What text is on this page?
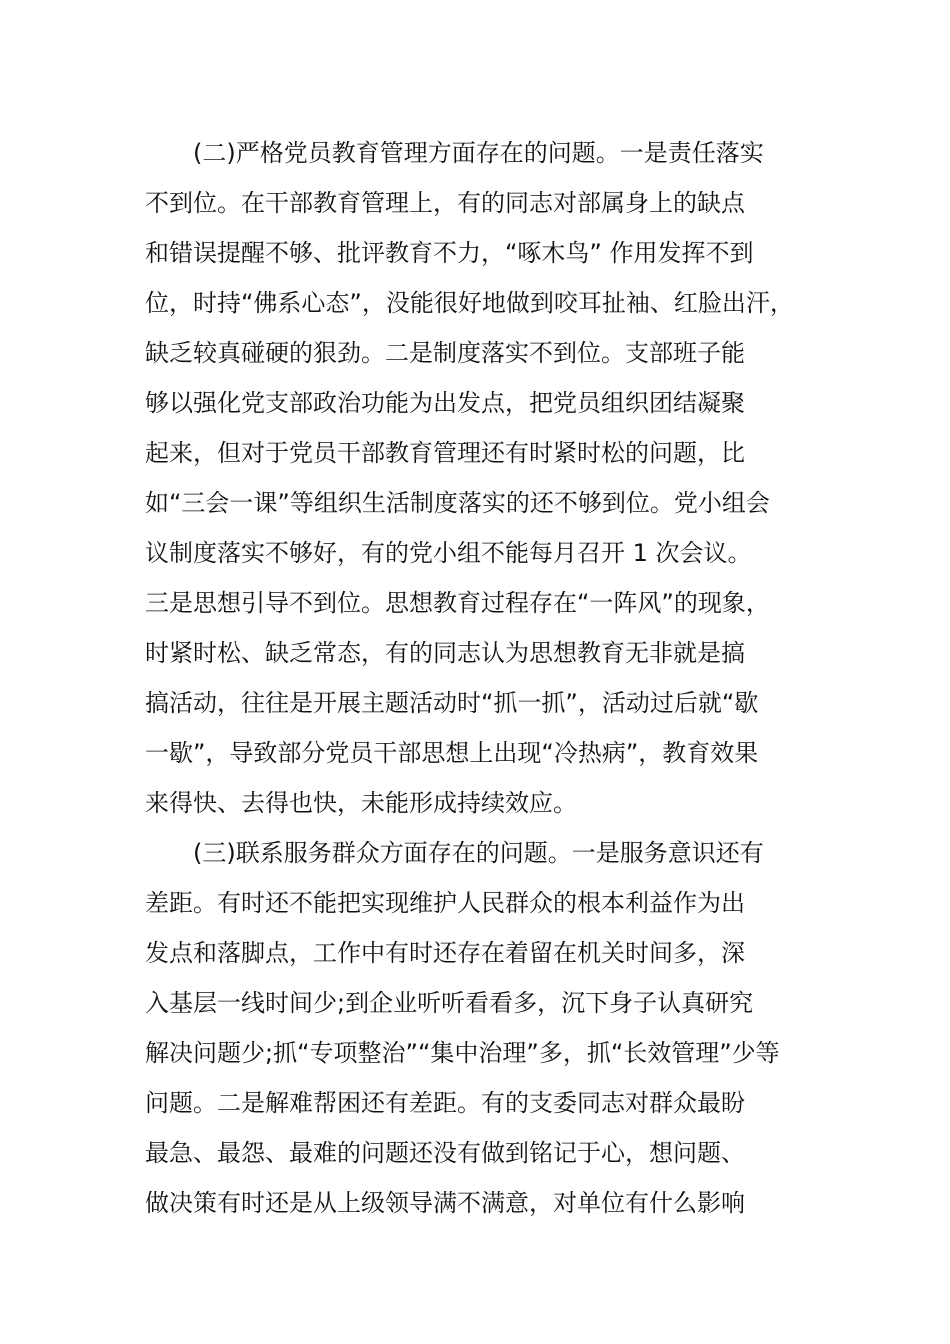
(二)严格党员教育管理方面存在的问题。一是责任落实
不到位。在干部教育管理上，有的同志对部属身上的缺点
和错误提醒不够、批评教育不力，“啄木鸟” 作用发挥不到
位，时持“佛系心态”，没能很好地做到咬耳扯袖、红脸出汗，
缺乏较真碰硬的狠劲。二是制度落实不到位。支部班子能
够以强化党支部政治功能为出发点，把党员组织团结凝聚
起来，但对于党员干部教育管理还有时紧时松的问题，比
如“三会一课”等组织生活制度落实的还不够到位。党小组会
议制度落实不够好，有的党小组不能每月召开 1 次会议。
三是思想引导不到位。思想教育过程存在“一阵风”的现象，
时紧时松、缺乏常态，有的同志认为思想教育无非就是搞
搞活动，往往是开展主题活动时“抓一抓”，活动过后就“歇
一歇”，导致部分党员干部思想上出现“冷热病”，教育效果
来得快、去得也快，未能形成持续效应。
(三)联系服务群众方面存在的问题。一是服务意识还有
差距。有时还不能把实现维护人民群众的根本利益作为出
发点和落脚点，工作中有时还存在着留在机关时间多，深
入基层一线时间少;到企业听听看看多，沉下身子认真研究
解决问题少;抓“专项整治”“集中治理”多，抓“长效管理”少等
问题。二是解难帮困还有差距。有的支委同志对群众最盼
最急、最怨、最难的问题还没有做到铭记于心，想问题、
做决策有时还是从上级领导满不满意，对单位有什么影响
